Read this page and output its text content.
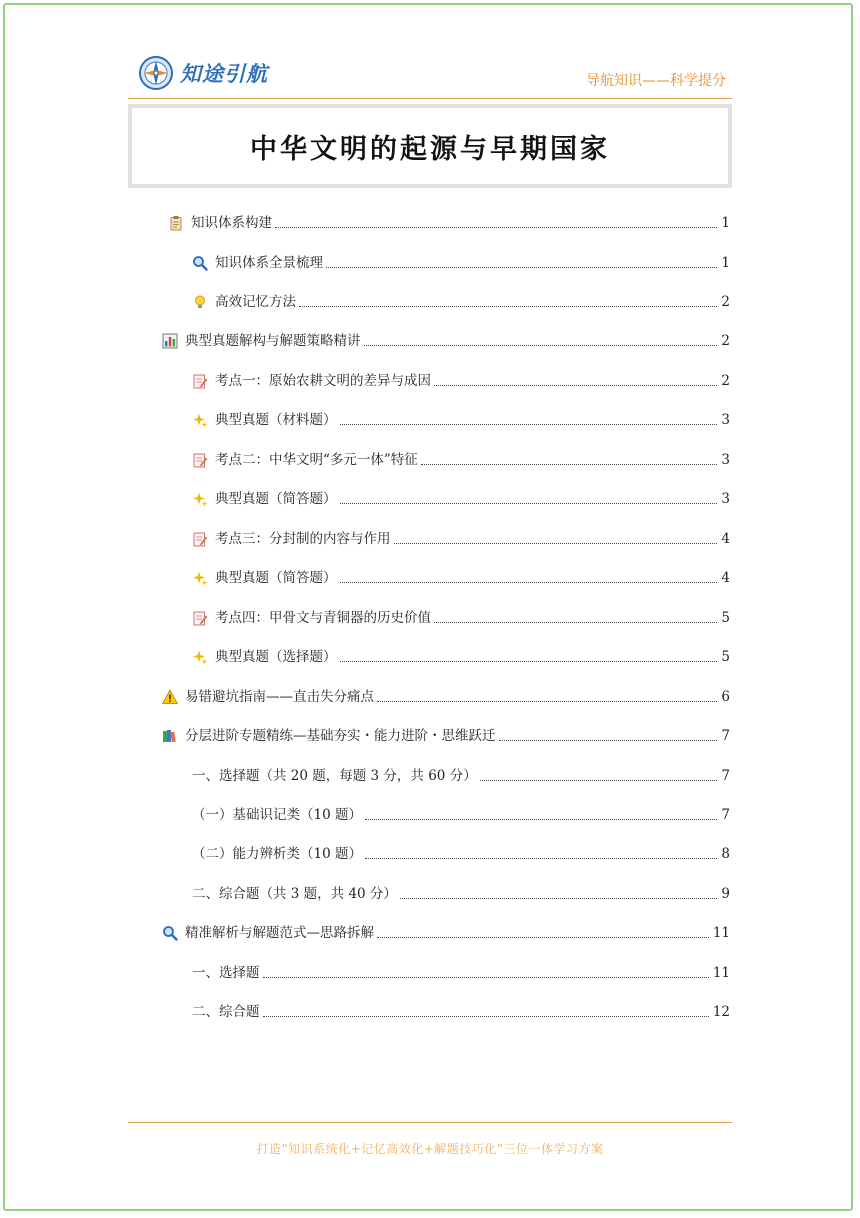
知途引航	导航知识——科学提分
中华文明的起源与早期国家
知识体系构建	1
知识体系全景梳理	1
高效记忆方法	2
典型真题解构与解题策略精讲	2
考点一：原始农耕文明的差异与成因	2
典型真题（材料题）	3
考点二：中华文明“多元一体”特征	3
典型真题（简答题）	3
考点三：分封制的内容与作用	4
典型真题（简答题）	4
考点四：甲骨文与青铜器的历史价值	5
典型真题（选择题）	5
易错避坑指南——直击失分痛点	6
分层进阶专题精练—基础夯实・能力进阶・思维跃迁	7
一、选择题（共 20 题，每题 3 分，共 60 分）	7
（一）基础识记类（10 题）	7
（二）能力辨析类（10 题）	8
二、综合题（共 3 题，共 40 分）	9
精准解析与解题范式—思路拆解	11
一、选择题	11
二、综合题	12
打造“知识系统化+记忆高效化+解题技巧化”三位一体学习方案
